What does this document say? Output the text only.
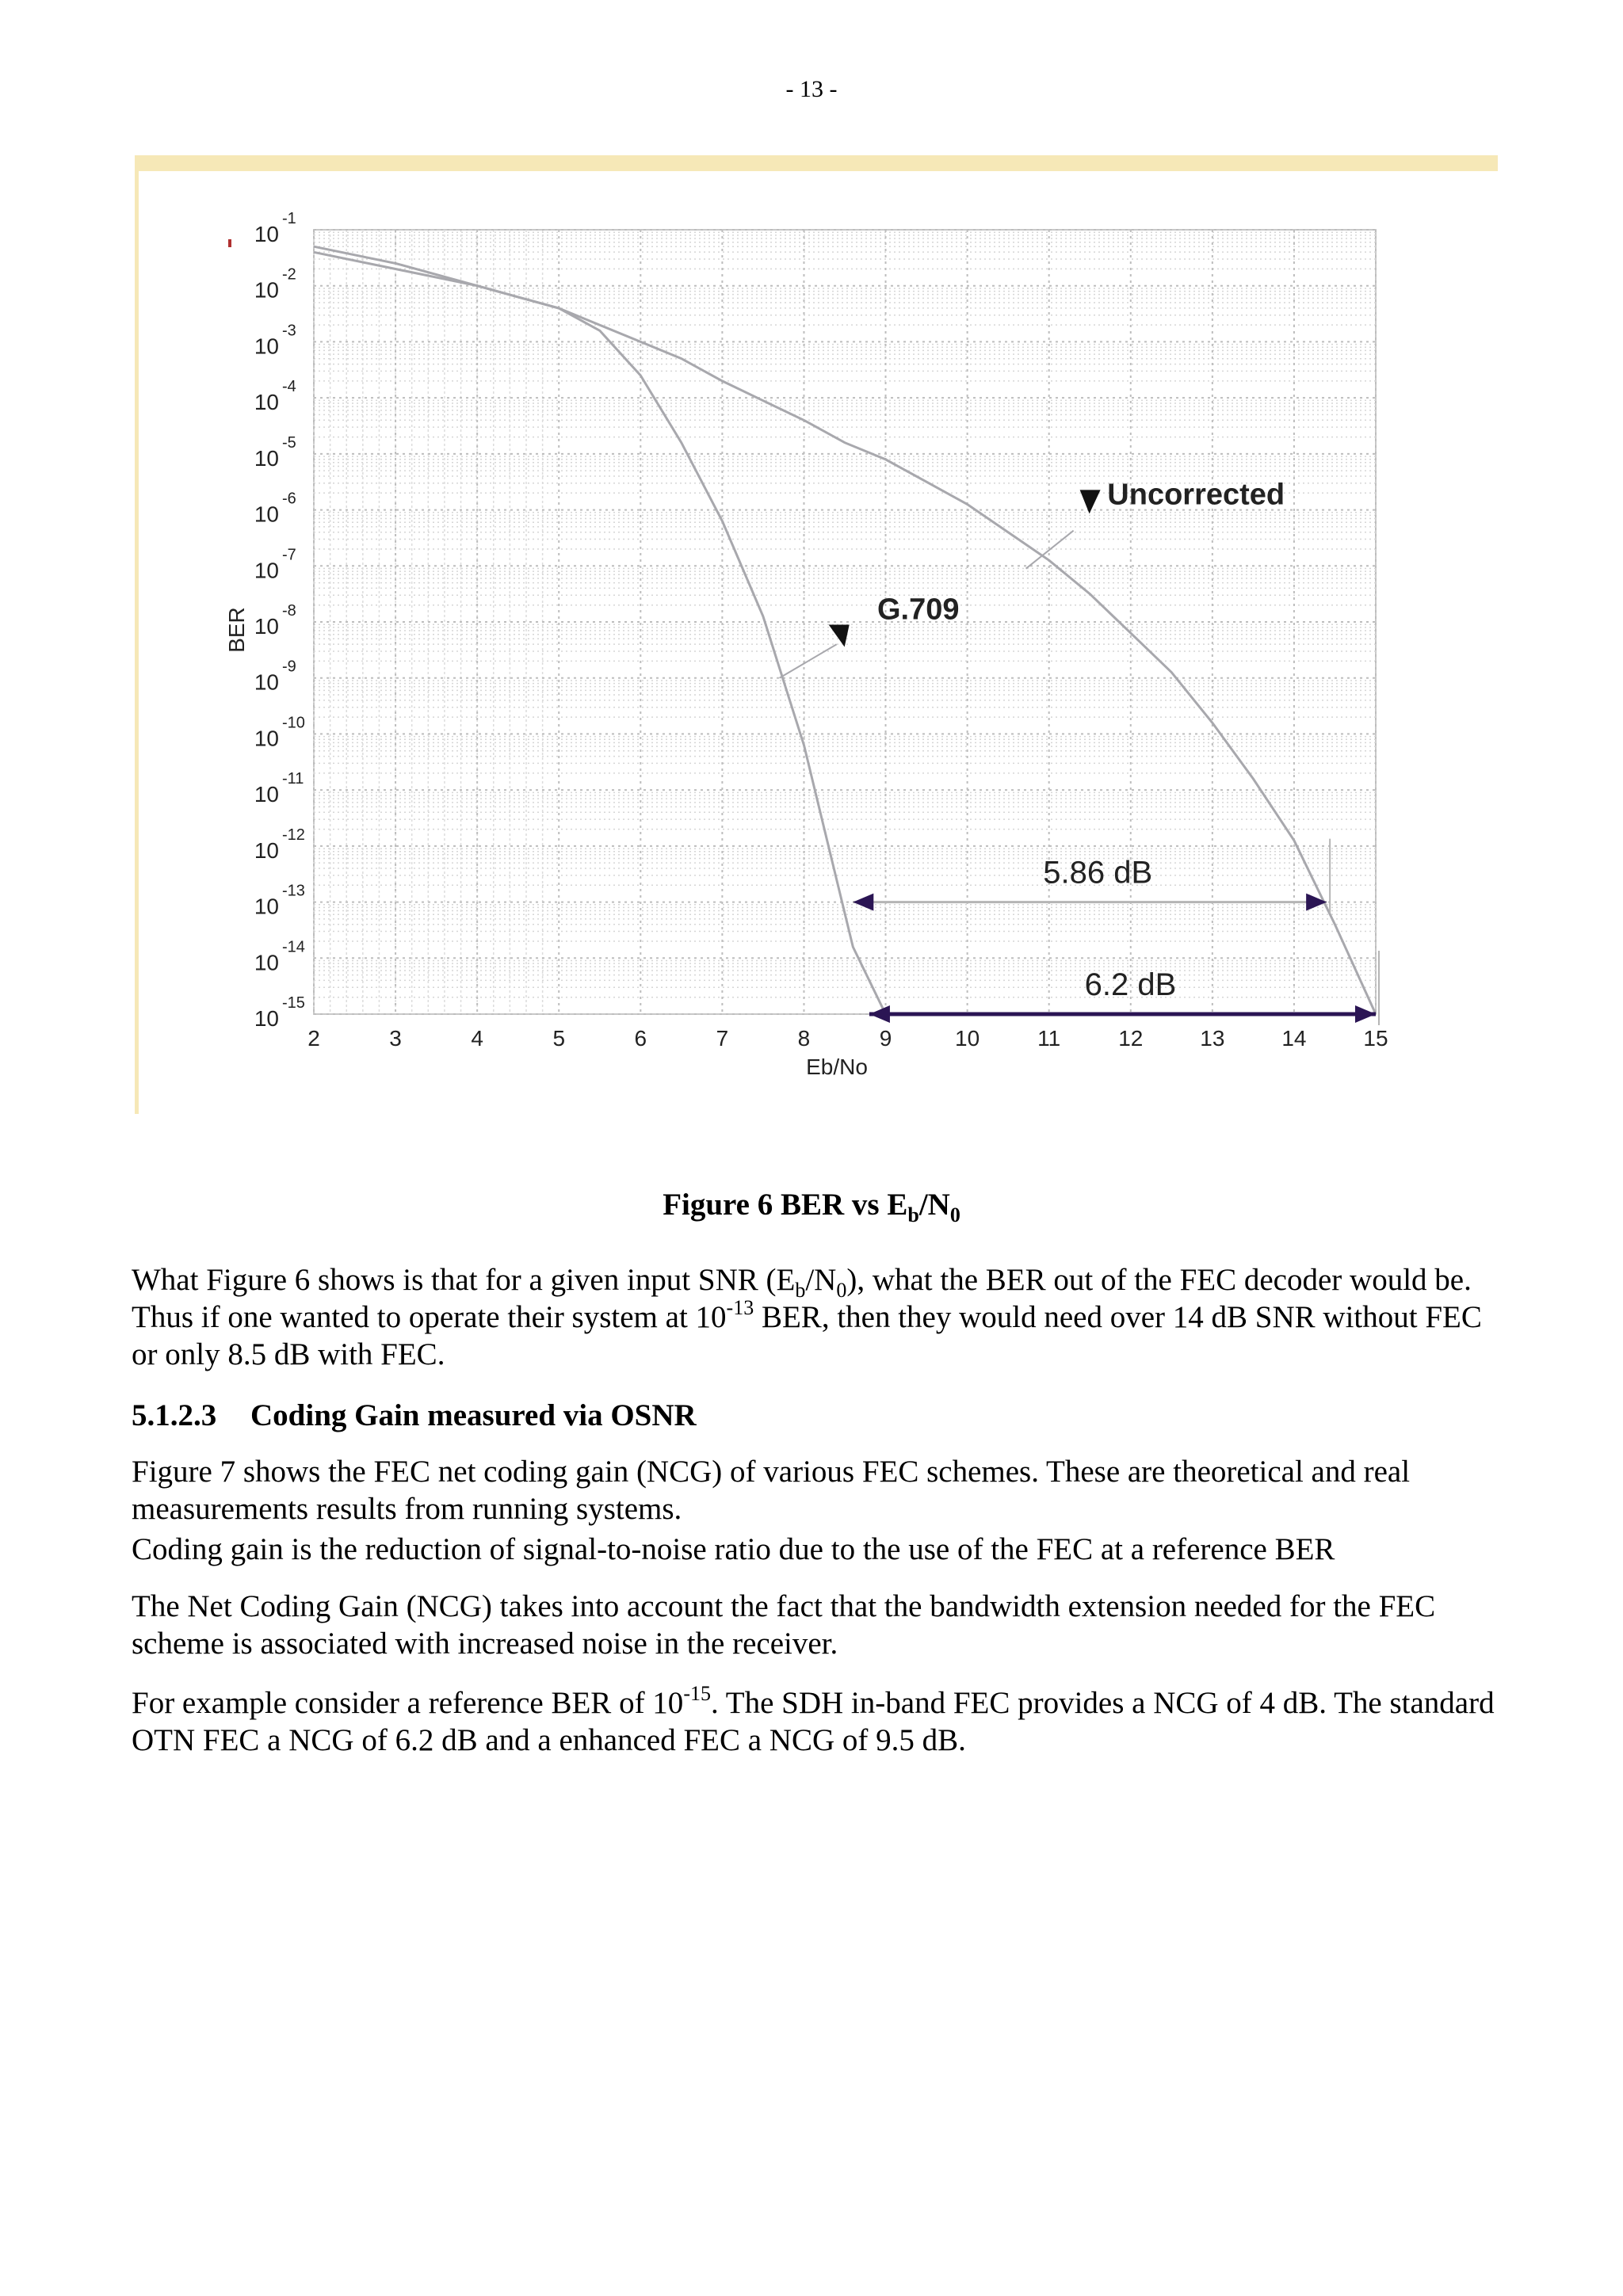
- 13 -
Uncorrected
G.709
5.86 dB
6.2 dB
2	3	4	5	6	7	8	9	10	11	12	13	14	15
10
-1
10
-2
10
-3
10
-4
10
-5
10
-6
10
-7
10
-8
10
-9
10
-10
10
-11
10
-12
10
-13
10
-14
10
-15
Eb/No
BER
Figure 6 BER vs $E_b/N_0$
What Figure 6 shows is that for a given input SNR $(E_b/N_0)$, what the BER out of the FEC decoder would be. Thus if one wanted to operate their system at $10^{-13}$ BER, then they would need over 14 dB SNR without FEC or only 8.5 dB with FEC.
5.1.2.3 Coding Gain measured via OSNR
Figure 7 shows the FEC net coding gain (NCG) of various FEC schemes. These are theoretical and real measurements results from running systems.
Coding gain is the reduction of signal-to-noise ratio due to the use of the FEC at a reference BER
The Net Coding Gain (NCG) takes into account the fact that the bandwidth extension needed for the FEC scheme is associated with increased noise in the receiver.
For example consider a reference BER of $10^{-15}$. The SDH in-band FEC provides a NCG of 4 dB. The standard OTN FEC a NCG of 6.2 dB and a enhanced FEC a NCG of 9.5 dB.
